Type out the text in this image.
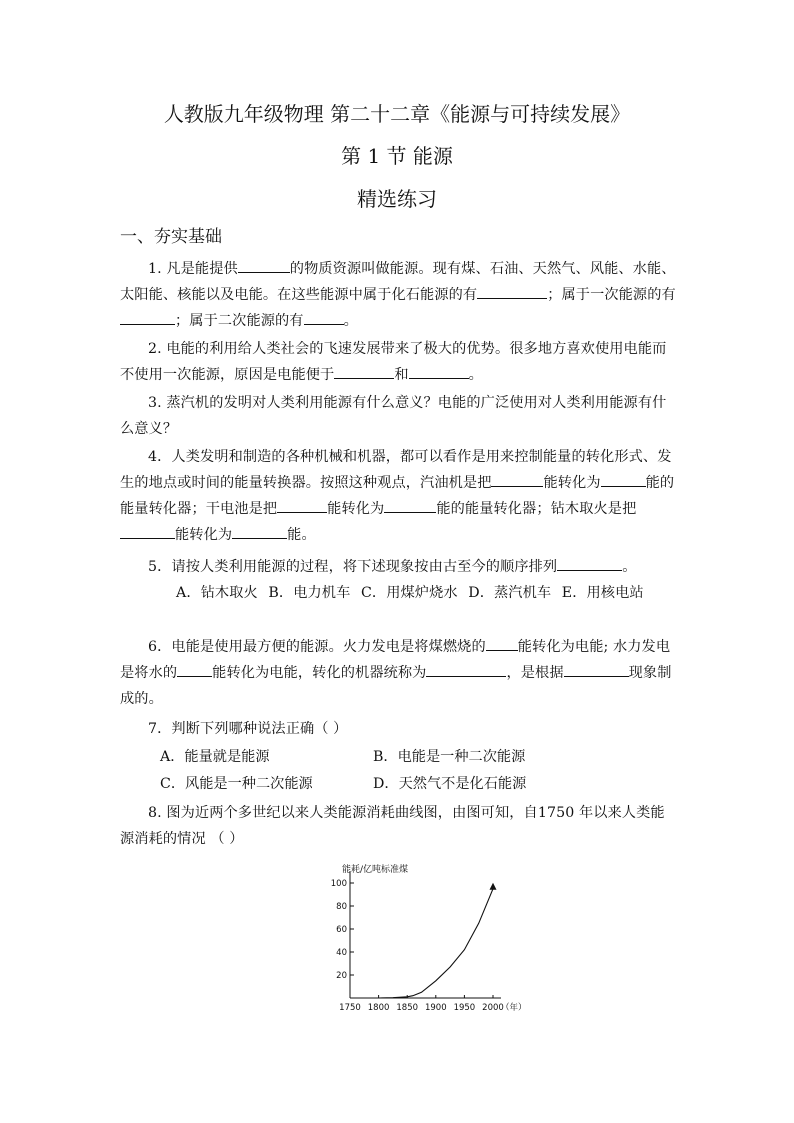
人教版九年级物理 第二十二章《能源与可持续发展》
第 1 节 能源
精选练习
一、夯实基础
1. 凡是能提供	的物质资源叫做能源。现有煤、石油、天然气、风能、水能、太阳能、核能以及电能。在这些能源中属于化石能源的有	；属于一次能源的有；属于二次能源的有	。
2. 电能的利用给人类社会的飞速发展带来了极大的优势。很多地方喜欢使用电能而不使用一次能源，原因是电能便于	和	。
3. 蒸汽机的发明对人类利用能源有什么意义？电能的广泛使用对人类利用能源有什么意义？
4．人类发明和制造的各种机械和机器，都可以看作是用来控制能量的转化形式、发生的地点或时间的能量转换器。按照这种观点，汽油机是把	能转化为	能的能量转化器；干电池是把	能转化为	能的能量转化器；钻木取火是把能转化为	能。
5．请按人类利用能源的过程，将下述现象按由古至今的顺序排列	。
A．钻木取火 B．电力机车 C．用煤炉烧水 D．蒸汽机车 E．用核电站
6．电能是使用最方便的能源。火力发电是将煤燃烧的 能转化为电能; 水力发电是将水的 能转化为电能，转化的机器统称为	，是根据	现象制成的。
7．判断下列哪种说法正确（ ）
A．能量就是能源	B．电能是一种二次能源
C．风能是一种二次能源	D．天然气不是化石能源
8. 图为近两个多世纪以来人类能源消耗曲线图，由图可知，自1750 年以来人类能源消耗的情况 （ ）
20
40
60
80
100
1750 1800 1850 1900 1950 2000
能耗/亿吨标准煤
（年）
